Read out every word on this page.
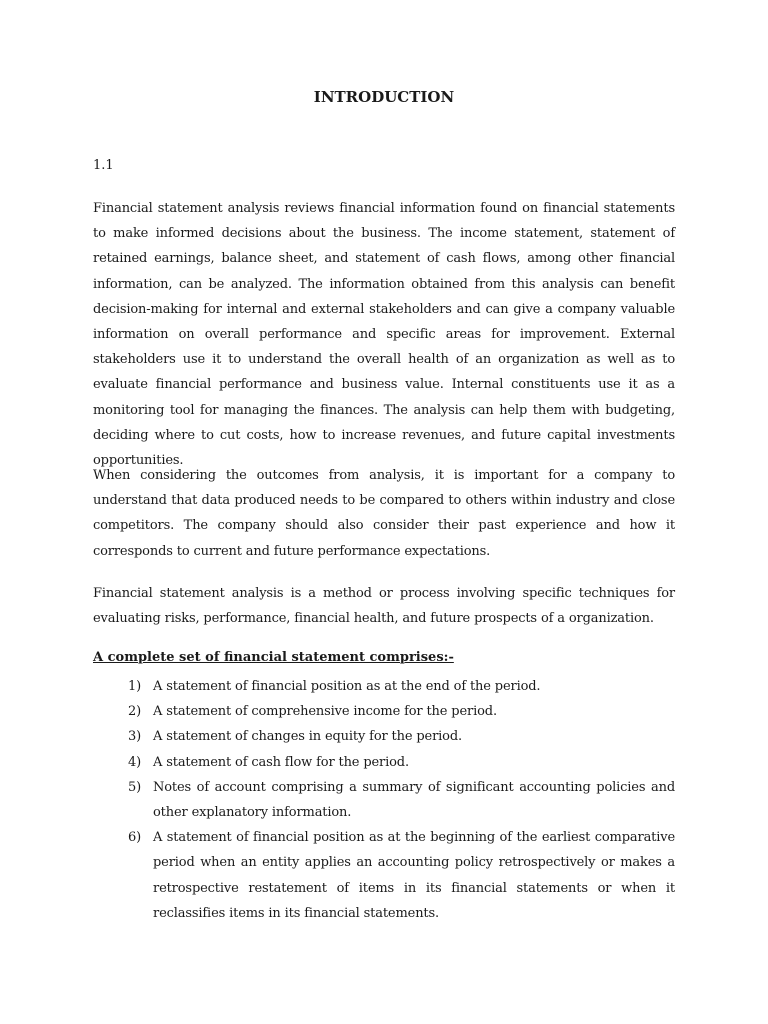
INTRODUCTION

1.1

Financial statement analysis reviews financial information found on financial statements to make informed decisions about the business. The income statement, statement of retained earnings, balance sheet, and statement of cash flows, among other financial information, can be analyzed. The information obtained from this analysis can benefit decision-making for internal and external stakeholders and can give a company valuable information on overall performance and specific areas for improvement. External stakeholders use it to understand the overall health of an organization as well as to evaluate financial performance and business value. Internal constituents use it as a monitoring tool for managing the finances. The analysis can help them with budgeting, deciding where to cut costs, how to increase revenues, and future capital investments opportunities.

When considering the outcomes from analysis, it is important for a company to understand that data produced needs to be compared to others within industry and close competitors. The company should also consider their past experience and how it corresponds to current and future performance expectations.

Financial statement analysis is a method or process involving specific techniques for evaluating risks, performance, financial health, and future prospects of a organization.

A complete set of financial statement comprises:-

1) A statement of financial position as at the end of the period.
2) A statement of comprehensive income for the period.
3) A statement of changes in equity for the period.
4) A statement of cash flow for the period.
5) Notes of account comprising a summary of significant accounting policies and other explanatory information.
6) A statement of financial position as at the beginning of the earliest comparative period when an entity applies an accounting policy retrospectively or makes a retrospective restatement of items in its financial statements or when it reclassifies items in its financial statements.
